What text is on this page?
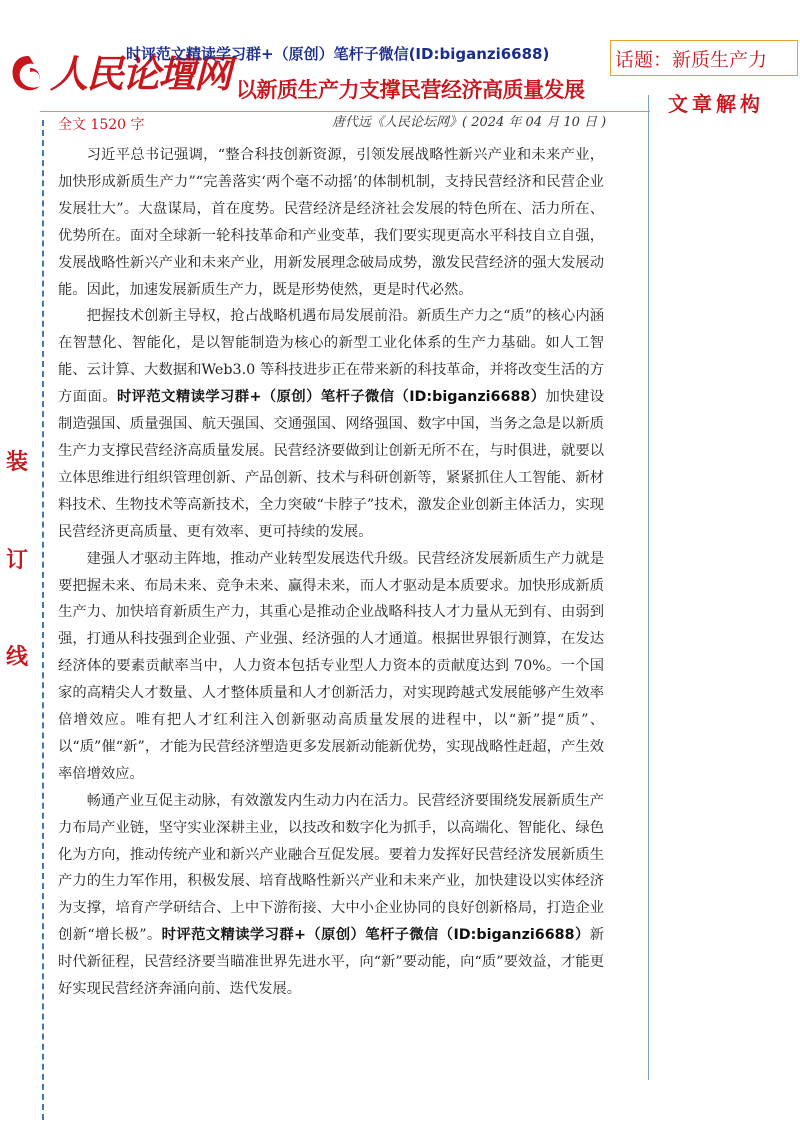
人民论壇网
时评范文精读学习群+（原创）笔杆子微信(ID:biganzi6688)	话题：新质生产力
以新质生产力支撑民营经济高质量发展
文章解构
全文 1520 字	唐代远《人民论坛网》( 2024 年 04 月 10 日 )
装
订
线

习近平总书记强调，“整合科技创新资源，引领发展战略性新兴产业和未来产业，加快形成新质生产力”“完善落实‘两个毫不动摇’的体制机制，支持民营经济和民营企业发展壮大”。大盘谋局，首在度势。民营经济是经济社会发展的特色所在、活力所在、优势所在。面对全球新一轮科技革命和产业变革，我们要实现更高水平科技自立自强，发展战略性新兴产业和未来产业，用新发展理念破局成势，激发民营经济的强大发展动能。因此，加速发展新质生产力，既是形势使然，更是时代必然。

把握技术创新主导权，抢占战略机遇布局发展前沿。新质生产力之“质”的核心内涵在智慧化、智能化，是以智能制造为核心的新型工业化体系的生产力基础。如人工智能、云计算、大数据和Web3.0 等科技进步正在带来新的科技革命，并将改变生活的方方面面。时评范文精读学习群+（原创）笔杆子微信（ID:biganzi6688）加快建设制造强国、质量强国、航天强国、交通强国、网络强国、数字中国，当务之急是以新质生产力支撑民营经济高质量发展。民营经济要做到让创新无所不在，与时俱进，就要以立体思维进行组织管理创新、产品创新、技术与科研创新等，紧紧抓住人工智能、新材料技术、生物技术等高新技术，全力突破“卡脖子”技术，激发企业创新主体活力，实现民营经济更高质量、更有效率、更可持续的发展。

建强人才驱动主阵地，推动产业转型发展迭代升级。民营经济发展新质生产力就是要把握未来、布局未来、竞争未来、赢得未来，而人才驱动是本质要求。加快形成新质生产力、加快培育新质生产力，其重心是推动企业战略科技人才力量从无到有、由弱到强，打通从科技强到企业强、产业强、经济强的人才通道。根据世界银行测算，在发达经济体的要素贡献率当中，人力资本包括专业型人力资本的贡献度达到 70%。一个国家的高精尖人才数量、人才整体质量和人才创新活力，对实现跨越式发展能够产生效率倍增效应。唯有把人才红利注入创新驱动高质量发展的进程中，以“新”提“质”、以“质”催“新”，才能为民营经济塑造更多发展新动能新优势，实现战略性赶超，产生效率倍增效应。

畅通产业互促主动脉，有效激发内生动力内在活力。民营经济要围绕发展新质生产力布局产业链，坚守实业深耕主业，以技改和数字化为抓手，以高端化、智能化、绿色化为方向，推动传统产业和新兴产业融合互促发展。要着力发挥好民营经济发展新质生产力的生力军作用，积极发展、培育战略性新兴产业和未来产业，加快建设以实体经济为支撑，培育产学研结合、上中下游衔接、大中小企业协同的良好创新格局，打造企业创新“增长极”。时评范文精读学习群+（原创）笔杆子微信（ID:biganzi6688）新时代新征程，民营经济要当瞄准世界先进水平，向“新”要动能，向“质”要效益，才能更好实现民营经济奔涌向前、迭代发展。
